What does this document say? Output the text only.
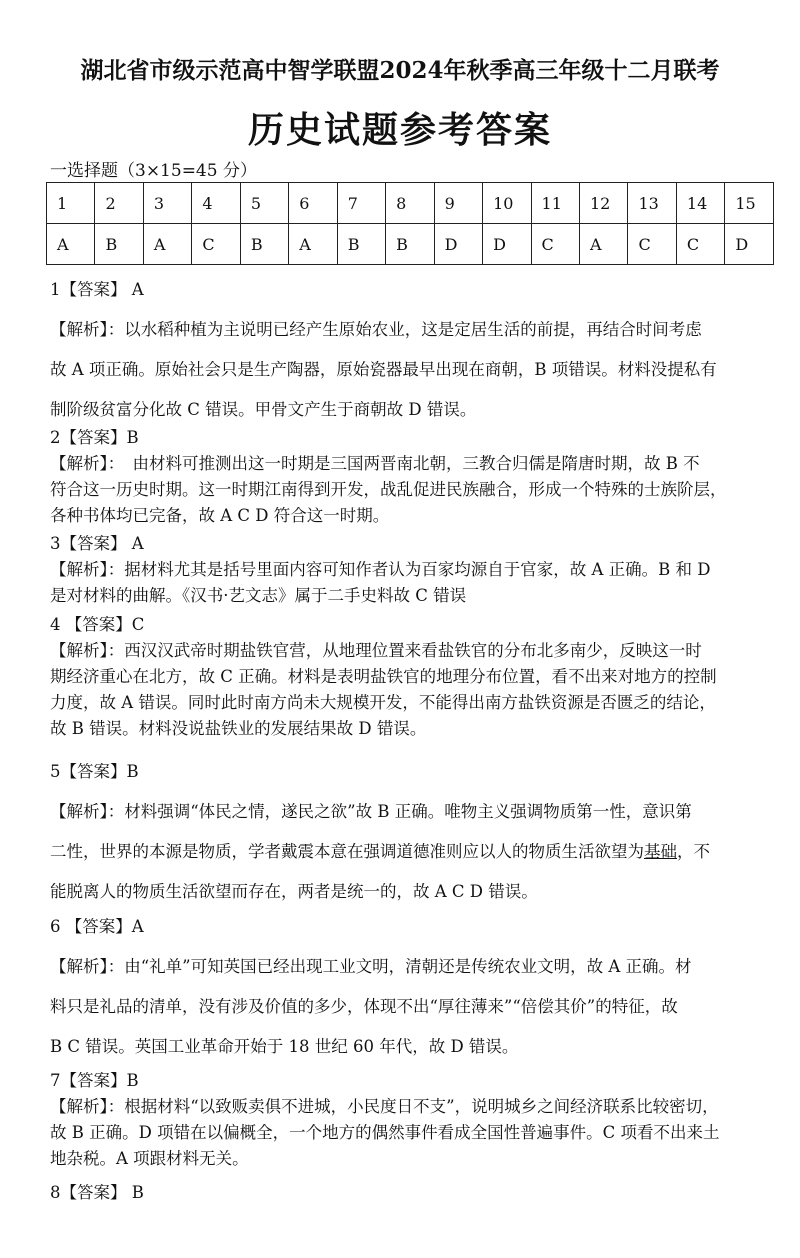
湖北省市级示范高中智学联盟2024年秋季高三年级十二月联考
历史试题参考答案
一选择题（3×15=45 分）
1	2	3	4	5	6	7	8	9	10	11	12	13	14	15
A	B	A	C	B	A	B	B	D	D	C	A	C	C	D

1【答案】 A

【解析】：以水稻种植为主说明已经产生原始农业，这是定居生活的前提，再结合时间考虑

故 A 项正确。原始社会只是生产陶器，原始瓷器最早出现在商朝，B 项错误。材料没提私有

制阶级贫富分化故 C 错误。甲骨文产生于商朝故 D 错误。

2【答案】B

【解析】：　由材料可推测出这一时期是三国两晋南北朝，三教合归儒是隋唐时期，故 B 不

符合这一历史时期。这一时期江南得到开发，战乱促进民族融合，形成一个特殊的士族阶层，

各种书体均已完备，故 A C D 符合这一时期。

3【答案】 A

【解析】：据材料尤其是括号里面内容可知作者认为百家均源自于官家，故 A 正确。B 和 D

是对材料的曲解。《汉书·艺文志》属于二手史料故 C 错误

4 【答案】C

【解析】：西汉汉武帝时期盐铁官营，从地理位置来看盐铁官的分布北多南少，反映这一时

期经济重心在北方，故 C 正确。材料是表明盐铁官的地理分布位置，看不出来对地方的控制

力度，故 A 错误。同时此时南方尚未大规模开发，不能得出南方盐铁资源是否匮乏的结论，

故 B 错误。材料没说盐铁业的发展结果故 D 错误。

5【答案】B

【解析】：材料强调“体民之情，遂民之欲”故 B 正确。唯物主义强调物质第一性，意识第

二性，世界的本源是物质，学者戴震本意在强调道德准则应以人的物质生活欲望为基础，不

能脱离人的物质生活欲望而存在，两者是统一的，故 A C D 错误。

6 【答案】A

【解析】：由“礼单”可知英国已经出现工业文明，清朝还是传统农业文明，故 A 正确。材

料只是礼品的清单，没有涉及价值的多少，体现不出“厚往薄来”“倍偿其价”的特征，故

B C 错误。英国工业革命开始于 18 世纪 60 年代，故 D 错误。

7【答案】B

【解析】：根据材料“以致贩卖俱不进城，小民度日不支”，说明城乡之间经济联系比较密切，

故 B 正确。D 项错在以偏概全，一个地方的偶然事件看成全国性普遍事件。C 项看不出来土

地杂税。A 项跟材料无关。

8【答案】 B
